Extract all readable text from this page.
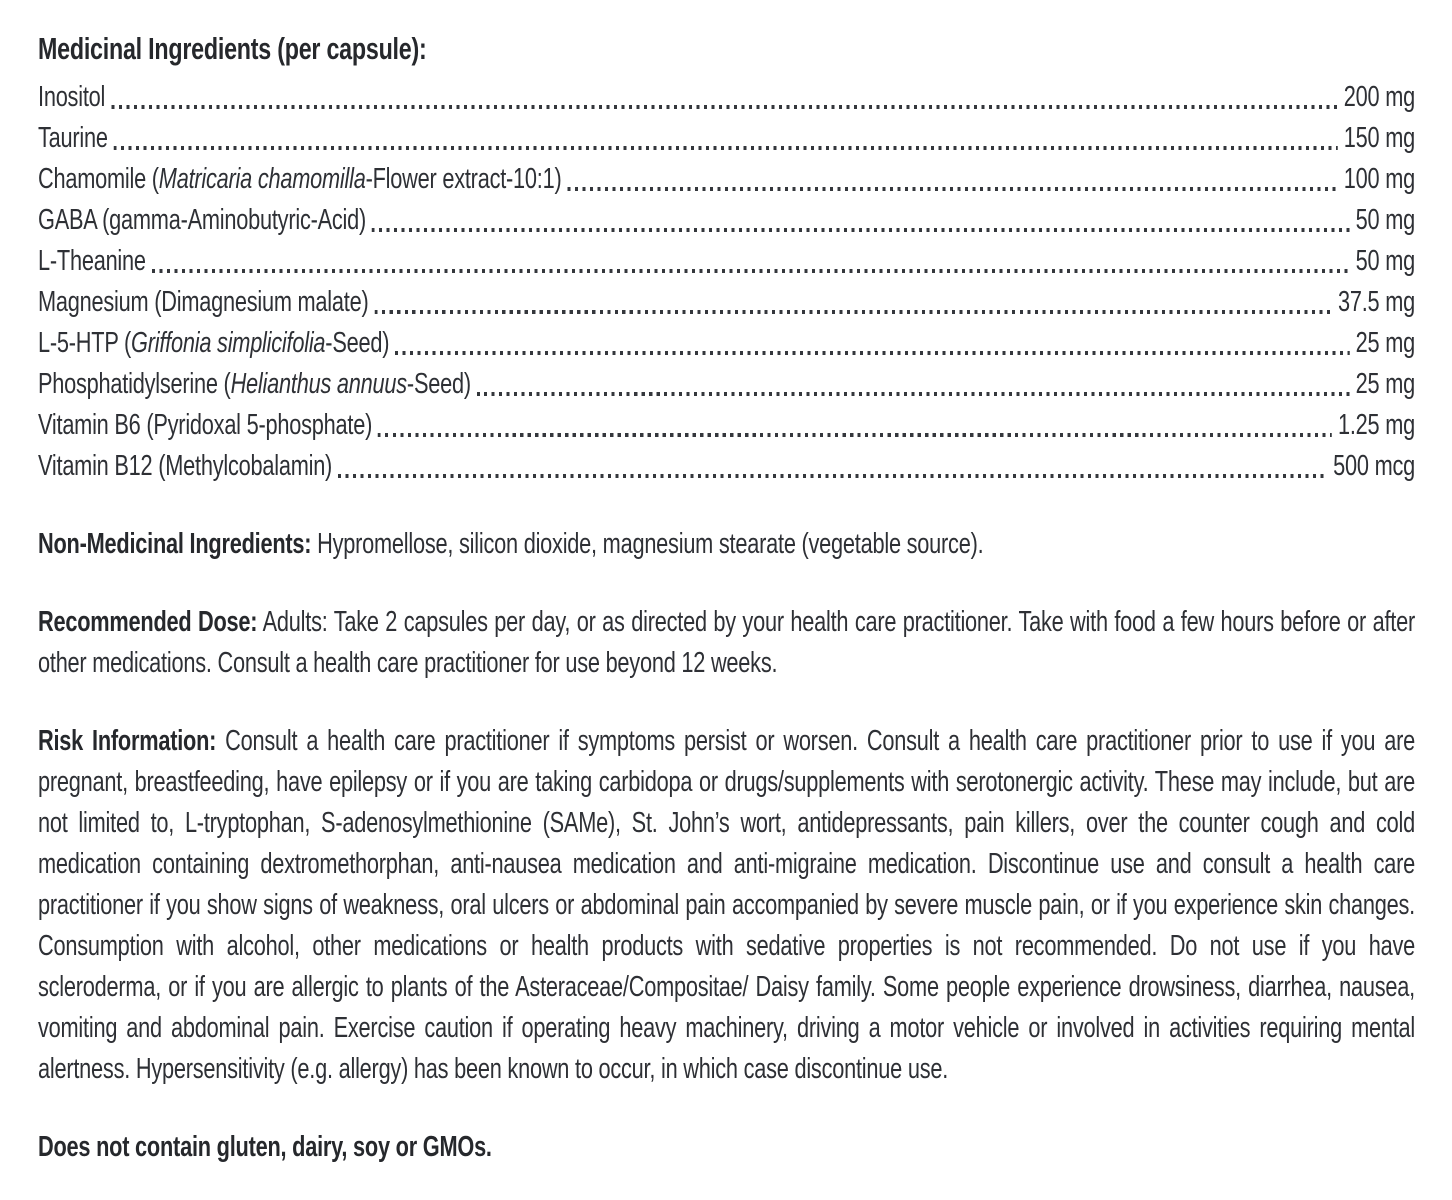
Medicinal Ingredients (per capsule):
Inositol	200 mg
Taurine	150 mg
Chamomile (Matricaria chamomilla-Flower extract-10:1)	100 mg
GABA (gamma-Aminobutyric-Acid)	50 mg
L-Theanine	50 mg
Magnesium (Dimagnesium malate)	37.5 mg
L-5-HTP (Griffonia simplicifolia-Seed)	25 mg
Phosphatidylserine (Helianthus annuus-Seed)	25 mg
Vitamin B6 (Pyridoxal 5-phosphate)	1.25 mg
Vitamin B12 (Methylcobalamin)	500 mcg

Non-Medicinal Ingredients: Hypromellose, silicon dioxide, magnesium stearate (vegetable source).

Recommended Dose: Adults: Take 2 capsules per day, or as directed by your health care practitioner. Take with food a few hours before or after other medications. Consult a health care practitioner for use beyond 12 weeks.

Risk Information: Consult a health care practitioner if symptoms persist or worsen. Consult a health care practitioner prior to use if you are pregnant, breastfeeding, have epilepsy or if you are taking carbidopa or drugs/supplements with serotonergic activity. These may include, but are not limited to, L-tryptophan, S-adenosylmethionine (SAMe), St. John’s wort, antidepressants, pain killers, over the counter cough and cold medication containing dextromethorphan, anti-nausea medication and anti-migraine medication. Discontinue use and consult a health care practitioner if you show signs of weakness, oral ulcers or abdominal pain accompanied by severe muscle pain, or if you experience skin changes. Consumption with alcohol, other medications or health products with sedative properties is not recommended. Do not use if you have scleroderma, or if you are allergic to plants of the Asteraceae/Compositae/ Daisy family. Some people experience drowsiness, diarrhea, nausea, vomiting and abdominal pain. Exercise caution if operating heavy machinery, driving a motor vehicle or involved in activities requiring mental alertness. Hypersensitivity (e.g. allergy) has been known to occur, in which case discontinue use.

Does not contain gluten, dairy, soy or GMOs.
